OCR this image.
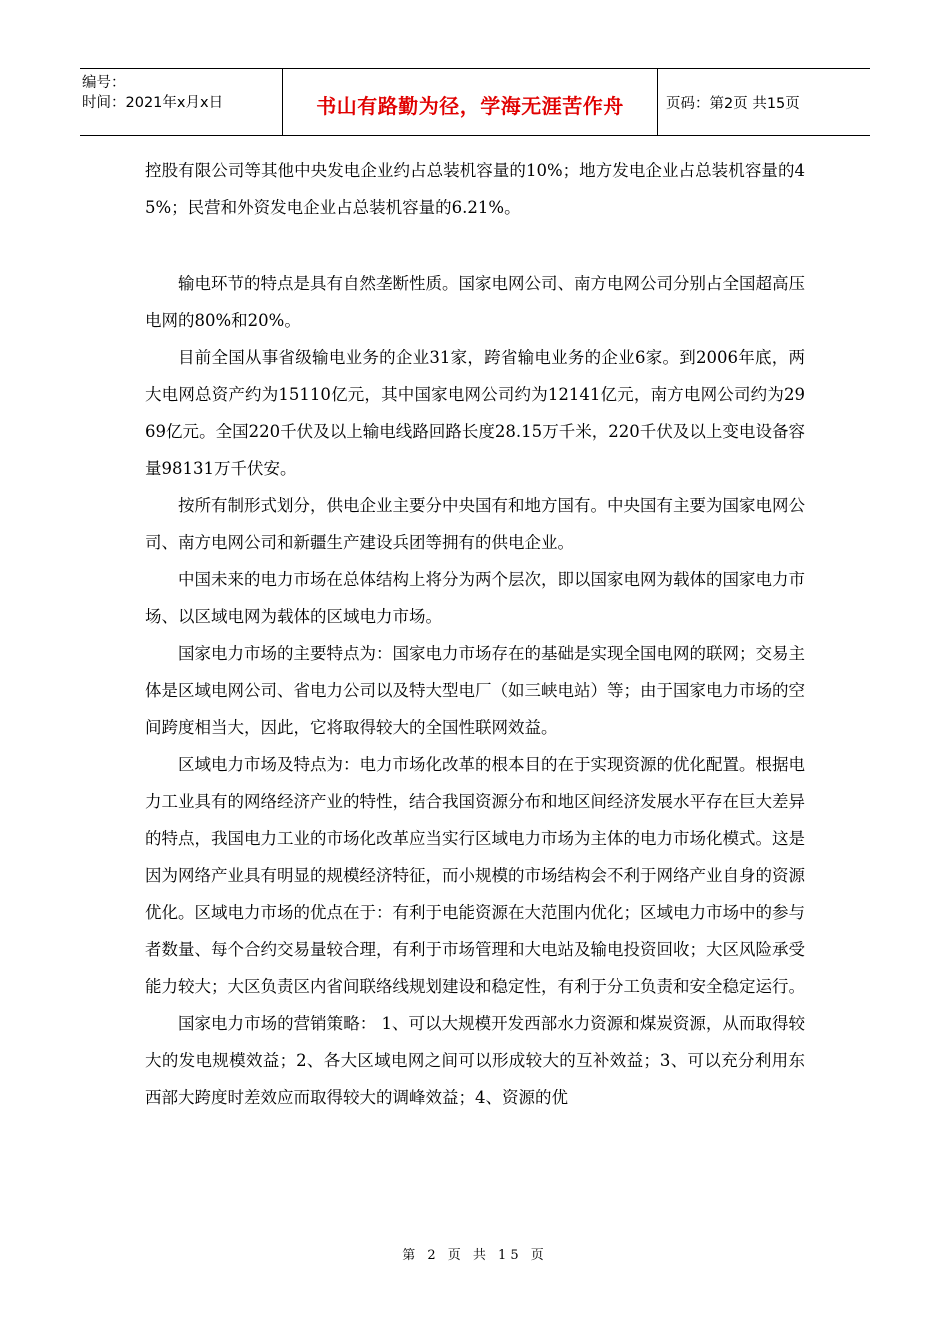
编号：
时间：2021年x月x日	书山有路勤为径，学海无涯苦作舟	页码：第2页 共15页

控股有限公司等其他中央发电企业约占总装机容量的10%；地方发电企业占总装机容量的45%；民营和外资发电企业占总装机容量的6.21%。

输电环节的特点是具有自然垄断性质。国家电网公司、南方电网公司分别占全国超高压电网的80%和20%。

目前全国从事省级输电业务的企业31家，跨省输电业务的企业6家。到2006年底，两大电网总资产约为15110亿元，其中国家电网公司约为12141亿元，南方电网公司约为2969亿元。全国220千伏及以上输电线路回路长度28.15万千米，220千伏及以上变电设备容量98131万千伏安。

按所有制形式划分，供电企业主要分中央国有和地方国有。中央国有主要为国家电网公司、南方电网公司和新疆生产建设兵团等拥有的供电企业。

中国未来的电力市场在总体结构上将分为两个层次，即以国家电网为载体的国家电力市场、以区域电网为载体的区域电力市场。

国家电力市场的主要特点为：国家电力市场存在的基础是实现全国电网的联网；交易主体是区域电网公司、省电力公司以及特大型电厂（如三峡电站）等；由于国家电力市场的空间跨度相当大，因此，它将取得较大的全国性联网效益。

区域电力市场及特点为：电力市场化改革的根本目的在于实现资源的优化配置。根据电力工业具有的网络经济产业的特性，结合我国资源分布和地区间经济发展水平存在巨大差异的特点，我国电力工业的市场化改革应当实行区域电力市场为主体的电力市场化模式。这是因为网络产业具有明显的规模经济特征，而小规模的市场结构会不利于网络产业自身的资源优化。区域电力市场的优点在于：有利于电能资源在大范围内优化；区域电力市场中的参与者数量、每个合约交易量较合理，有利于市场管理和大电站及输电投资回收；大区风险承受能力较大；大区负责区内省间联络线规划建设和稳定性，有利于分工负责和安全稳定运行。

国家电力市场的营销策略： 1、可以大规模开发西部水力资源和煤炭资源，从而取得较大的发电规模效益；2、各大区域电网之间可以形成较大的互补效益；3、可以充分利用东西部大跨度时差效应而取得较大的调峰效益；4、资源的优

第 2 页 共 15 页
